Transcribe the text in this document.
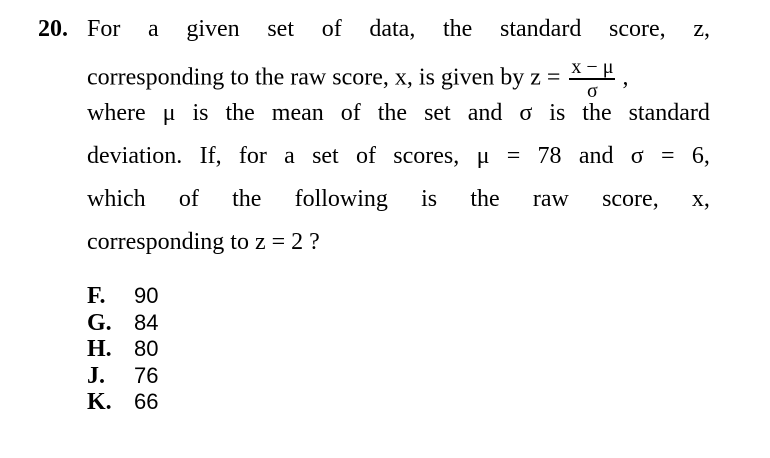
20. For a given set of data, the standard score, z,
corresponding to the raw score, x, is given by $z = \frac{x - \mu}{\sigma}$ ,
where μ is the mean of the set and σ is the standard
deviation. If, for a set of scores, μ = 78 and σ = 6,
which of the following is the raw score, x,
corresponding to z = 2 ?
F.	90
G.	84
H.	80
J.	76
K.	66
